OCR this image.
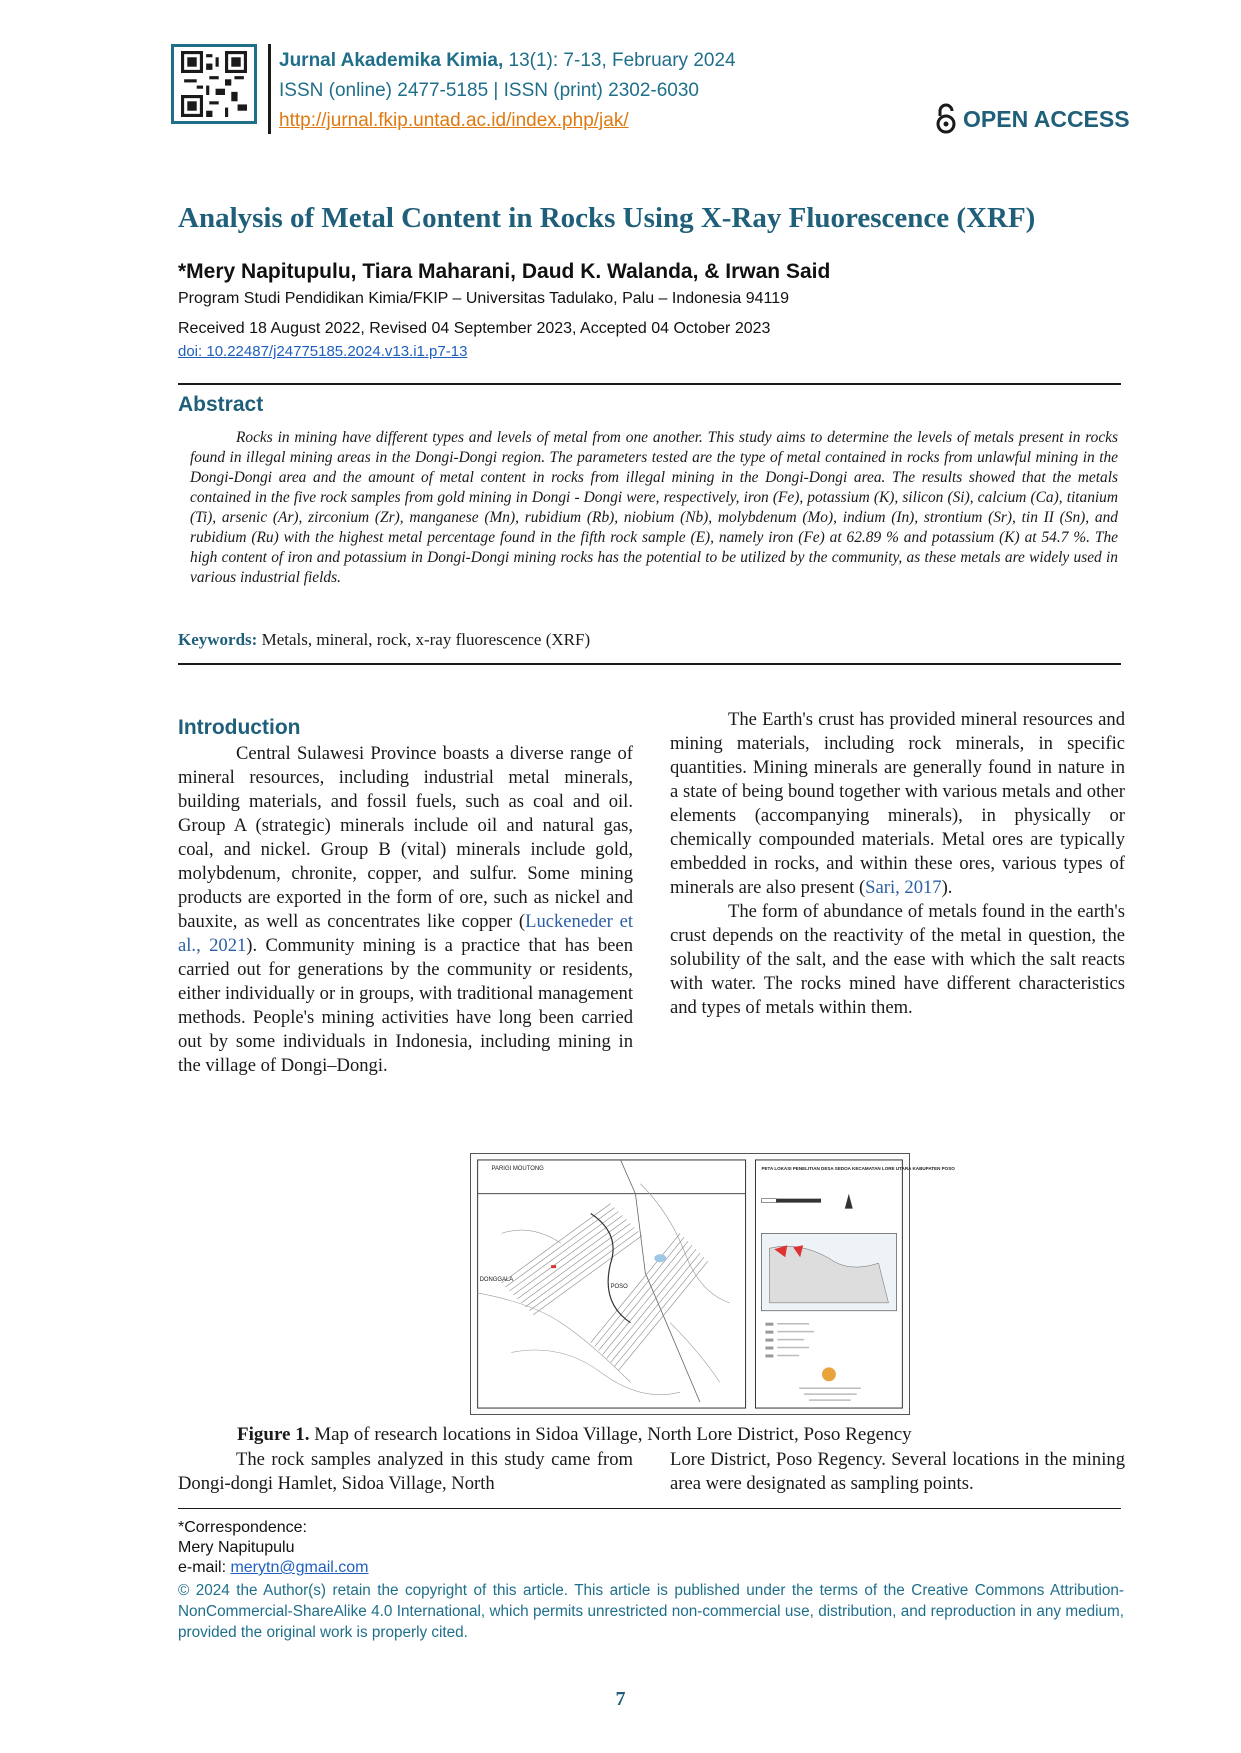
Jurnal Akademika Kimia, 13(1): 7-13, February 2024
ISSN (online) 2477-5185 | ISSN (print) 2302-6030
http://jurnal.fkip.untad.ac.id/index.php/jak/	OPEN ACCESS
Analysis of Metal Content in Rocks Using X-Ray Fluorescence (XRF)
*Mery Napitupulu, Tiara Maharani, Daud K. Walanda, & Irwan Said
Program Studi Pendidikan Kimia/FKIP – Universitas Tadulako, Palu – Indonesia 94119
Received 18 August 2022, Revised 04 September 2023, Accepted 04 October 2023
doi: 10.22487/j24775185.2024.v13.i1.p7-13
Abstract
Rocks in mining have different types and levels of metal from one another. This study aims to determine the levels of metals present in rocks found in illegal mining areas in the Dongi-Dongi region. The parameters tested are the type of metal contained in rocks from unlawful mining in the Dongi-Dongi area and the amount of metal content in rocks from illegal mining in the Dongi-Dongi area. The results showed that the metals contained in the five rock samples from gold mining in Dongi - Dongi were, respectively, iron (Fe), potassium (K), silicon (Si), calcium (Ca), titanium (Ti), arsenic (Ar), zirconium (Zr), manganese (Mn), rubidium (Rb), niobium (Nb), molybdenum (Mo), indium (In), strontium (Sr), tin II (Sn), and rubidium (Ru) with the highest metal percentage found in the fifth rock sample (E), namely iron (Fe) at 62.89 % and potassium (K) at 54.7 %. The high content of iron and potassium in Dongi-Dongi mining rocks has the potential to be utilized by the community, as these metals are widely used in various industrial fields.
Keywords: Metals, mineral, rock, x-ray fluorescence (XRF)
Introduction

Central Sulawesi Province boasts a diverse range of mineral resources, including industrial metal minerals, building materials, and fossil fuels, such as coal and oil. Group A (strategic) minerals include oil and natural gas, coal, and nickel. Group B (vital) minerals include gold, molybdenum, chronite, copper, and sulfur. Some mining products are exported in the form of ore, such as nickel and bauxite, as well as concentrates like copper (Luckeneder et al., 2021). Community mining is a practice that has been carried out for generations by the community or residents, either individually or in groups, with traditional management methods. People's mining activities have long been carried out by some individuals in Indonesia, including mining in the village of Dongi–Dongi.

The Earth's crust has provided mineral resources and mining materials, including rock minerals, in specific quantities. Mining minerals are generally found in nature in a state of being bound together with various metals and other elements (accompanying minerals), in physically or chemically compounded materials. Metal ores are typically embedded in rocks, and within these ores, various types of minerals are also present (Sari, 2017).

The form of abundance of metals found in the earth's crust depends on the reactivity of the metal in question, the solubility of the salt, and the ease with which the salt reacts with water. The rocks mined have different characteristics and types of metals within them.

PARIGI MOUTONG
DONGGALA
POSO
PETA LOKASI PENELITIAN DESA SEDOA KECAMATAN LORE UTARA KABUPATEN POSO
Figure 1. Map of research locations in Sidoa Village, North Lore District, Poso Regency
The rock samples analyzed in this study came from Dongi-dongi Hamlet, Sidoa Village, North
Lore District, Poso Regency. Several locations in the mining area were designated as sampling points.
*Correspondence:
Mery Napitupulu
e-mail: merytn@gmail.com
© 2024 the Author(s) retain the copyright of this article. This article is published under the terms of the Creative Commons Attribution-NonCommercial-ShareAlike 4.0 International, which permits unrestricted non-commercial use, distribution, and reproduction in any medium, provided the original work is properly cited.
7
